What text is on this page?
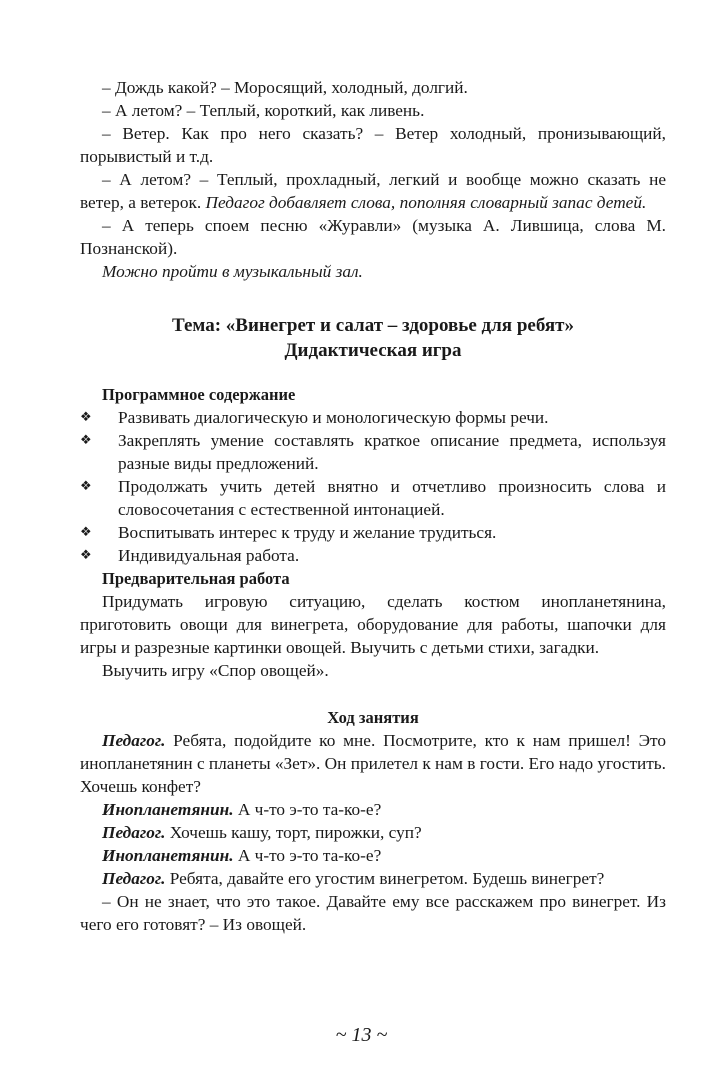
– Дождь какой? – Моросящий, холодный, долгий.

– А летом? – Теплый, короткий, как ливень.

– Ветер. Как про него сказать? – Ветер холодный, пронизывающий, порывистый и т.д.

– А летом? – Теплый, прохладный, легкий и вообще можно сказать не ветер, а ветерок. Педагог добавляет слова, пополняя словарный запас детей.

– А теперь споем песню «Журавли» (музыка А. Лившица, слова М. Познанской).

Можно пройти в музыкальный зал.

Тема: «Винегрет и салат – здоровье для ребят»

Дидактическая игра

Программное содержание

❖	Развивать диалогическую и монологическую формы речи.
❖	Закреплять умение составлять краткое описание предмета, используя разные виды предложений.
❖	Продолжать учить детей внятно и отчетливо произносить слова и словосочетания с естественной интонацией.
❖	Воспитывать интерес к труду и желание трудиться.
❖	Индивидуальная работа.

Предварительная работа

Придумать игровую ситуацию, сделать костюм инопланетянина, приготовить овощи для винегрета, оборудование для работы, шапочки для игры и разрезные картинки овощей. Выучить с детьми стихи, загадки.

Выучить игру «Спор овощей».

Ход занятия

Педагог. Ребята, подойдите ко мне. Посмотрите, кто к нам пришел! Это инопланетянин с планеты «Зет». Он прилетел к нам в гости. Его надо угостить. Хочешь конфет?

Инопланетянин. А ч-то э-то та-ко-е?

Педагог. Хочешь кашу, торт, пирожки, суп?

Инопланетянин. А ч-то э-то та-ко-е?

Педагог. Ребята, давайте его угостим винегретом. Будешь винегрет?

– Он не знает, что это такое. Давайте ему все расскажем про винегрет. Из чего его готовят? – Из овощей.

~ 13 ~
